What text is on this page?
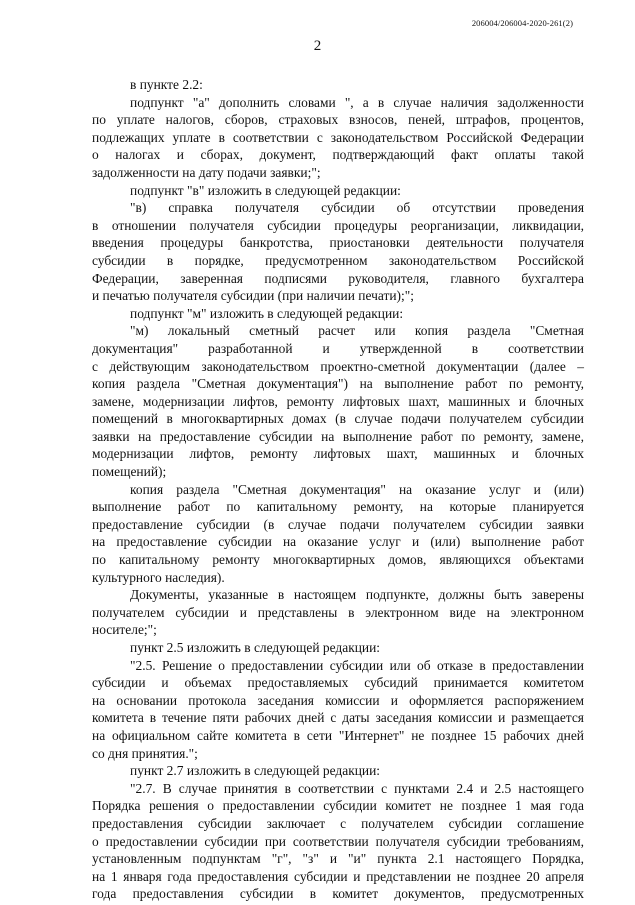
206004/206004-2020-261(2)
2
в пункте 2.2:
подпункт "а" дополнить словами ", а в случае наличия задолженности
по уплате налогов, сборов, страховых взносов, пеней, штрафов, процентов,
подлежащих уплате в соответствии с законодательством Российской Федерации
о налогах и сборах, документ, подтверждающий факт оплаты такой
задолженности на дату подачи заявки;";
подпункт "в" изложить в следующей редакции:
"в) справка получателя субсидии об отсутствии проведения
в отношении получателя субсидии процедуры реорганизации, ликвидации,
введения процедуры банкротства, приостановки деятельности получателя
субсидии в порядке, предусмотренном законодательством Российской
Федерации, заверенная подписями руководителя, главного бухгалтера
и печатью получателя субсидии (при наличии печати);";
подпункт "м" изложить в следующей редакции:
"м) локальный сметный расчет или копия раздела "Сметная
документация" разработанной и утвержденной в соответствии
с действующим законодательством проектно-сметной документации (далее –
копия раздела "Сметная документация") на выполнение работ по ремонту,
замене, модернизации лифтов, ремонту лифтовых шахт, машинных и блочных
помещений в многоквартирных домах (в случае подачи получателем субсидии
заявки на предоставление субсидии на выполнение работ по ремонту, замене,
модернизации лифтов, ремонту лифтовых шахт, машинных и блочных
помещений);
копия раздела "Сметная документация" на оказание услуг и (или)
выполнение работ по капитальному ремонту, на которые планируется
предоставление субсидии (в случае подачи получателем субсидии заявки
на предоставление субсидии на оказание услуг и (или) выполнение работ
по капитальному ремонту многоквартирных домов, являющихся объектами
культурного наследия).
Документы, указанные в настоящем подпункте, должны быть заверены
получателем субсидии и представлены в электронном виде на электронном
носителе;";
пункт 2.5 изложить в следующей редакции:
"2.5. Решение о предоставлении субсидии или об отказе в предоставлении
субсидии и объемах предоставляемых субсидий принимается комитетом
на основании протокола заседания комиссии и оформляется распоряжением
комитета в течение пяти рабочих дней с даты заседания комиссии и размещается
на официальном сайте комитета в сети "Интернет" не позднее 15 рабочих дней
со дня принятия.";
пункт 2.7 изложить в следующей редакции:
"2.7. В случае принятия в соответствии с пунктами 2.4 и 2.5 настоящего
Порядка решения о предоставлении субсидии комитет не позднее 1 мая года
предоставления субсидии заключает с получателем субсидии соглашение
о предоставлении субсидии при соответствии получателя субсидии требованиям,
установленным подпунктам "г", "з" и "и" пункта 2.1 настоящего Порядка,
на 1 января года предоставления субсидии и представлении не позднее 20 апреля
года предоставления субсидии в комитет документов, предусмотренных
